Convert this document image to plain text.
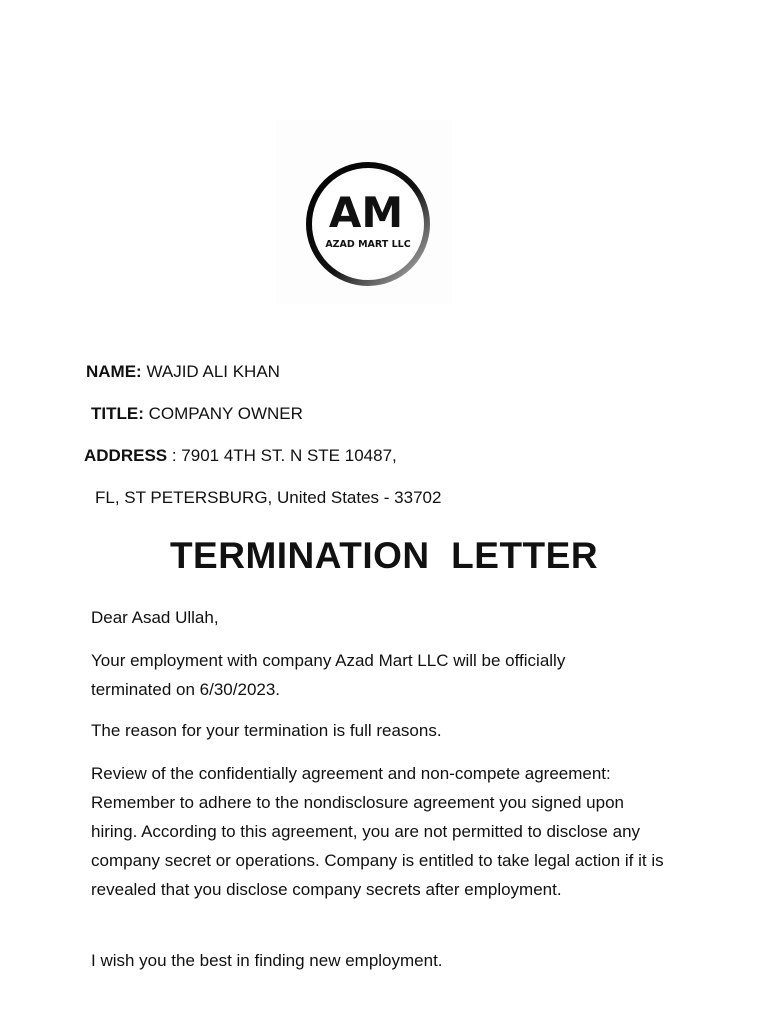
AM
AZAD MART LLC
NAME: WAJID ALI KHAN
TITLE: COMPANY OWNER
ADDRESS : 7901 4TH ST. N STE 10487,
FL, ST PETERSBURG, United States - 33702
TERMINATION  LETTER

Dear Asad Ullah,

Your employment with company Azad Mart LLC will be officially terminated on 6/30/2023.

The reason for your termination is full reasons.

Review of the confidentially agreement and non-compete agreement: Remember to adhere to the nondisclosure agreement you signed upon hiring. According to this agreement, you are not permitted to disclose any company secret or operations. Company is entitled to take legal action if it is revealed that you disclose company secrets after employment.

I wish you the best in finding new employment.
